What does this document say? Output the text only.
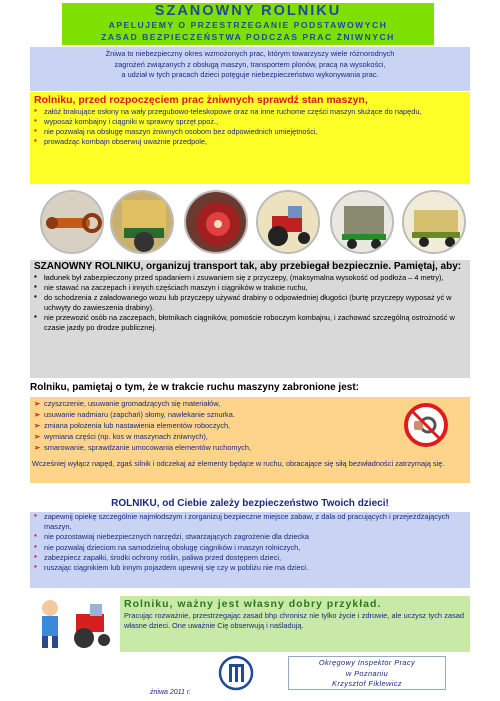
SZANOWNY ROLNIKU
APELUJEMY O PRZESTRZEGANIE PODSTAWOWYCH
ZASAD BEZPIECZEŃSTWA PODCZAS PRAC ŻNIWNYCH
Żniwa to niebezpieczny okres wzmożonych prac, którym towarzyszy wiele różnorodnych
zagrożeń związanych z obsługą maszyn, transportem plonów, pracą na wysokości,
a udział w tych pracach dzieci potęguje niebezpieczeństwo wykonywania prac.
Rolniku, przed rozpoczęciem prac żniwnych sprawdź stan maszyn,
* załóż brakujące osłony na wały przegubowo-teleskopowe oraz na inne ruchome części maszyn służące do napędu,
* wyposaż kombajny i ciągniki w sprawny sprzęt ppoż.,
* nie pozwalaj na obsługę maszyn żniwnych osobom bez odpowiednich umiejętności,
* prowadząc kombajn obserwuj uważnie przedpole,
SZANOWNY ROLNIKU, organizuj transport tak, aby przebiegał bezpiecznie. Pamiętaj, aby:
* ładunek był zabezpieczony przed spadaniem i zsuwaniem się z przyczepy, (maksymalna wysokość od podłoża – 4 metry),
* nie stawać na zaczepach i innych częściach maszyn i ciągników w trakcie ruchu,
* do schodzenia z załadowanego wozu lub przyczepy używać drabiny o odpowiedniej długości (burtę przyczepy wyposaż yć w uchwyty do zawieszenia drabiny).
* nie przewozić osób na zaczepach, błotnikach ciągników, pomoście roboczym kombajnu, i zachować szczególną ostrożność w czasie jazdy po drodze publicznej.
Rolniku, pamiętaj o tym, że w trakcie ruchu maszyny zabronione jest:
➢ czyszczenie, usuwanie gromadzących się materiałów,
➢ usuwanie nadmiaru (zapchań) słomy, nawlekanie sznurka.
➢ zmiana położenia lub nastawienia elementów roboczych,
➢ wymiana części (np. kos w maszynach żniwnych),
➢ smarowanie, sprawdzanie umocowania elementów ruchomych,
Wcześniej wyłącz napęd, zgaś silnik i odczekaj aż elementy będące w ruchu, obracające się siłą bezwładności zatrzymają się.
ROLNIKU, od Ciebie zależy bezpieczeństwo Twoich dzieci!
* zapewnij opiekę szczególnie najmłodszym i zorganizuj bezpieczne miejsce zabaw, z dala od pracujących i przejeżdżających maszyn,
* nie pozostawiaj niebezpiecznych narzędzi, stwarzających zagrożenie dla dziecka
* nie pozwalaj dzieciom na samodzielną obsługę ciągników i maszyn rolniczych,
* zabezpiecz zapałki, środki ochrony roślin, paliwa przed dostępem dzieci,
* ruszając ciągnikiem lub innym pojazdem upewnij się czy w pobliżu nie ma dzieci.
Rolniku, ważny jest własny dobry przykład.
Pracując rozważnie, przestrzegając zasad bhp chronisz nie tylko życie i zdrowie, ale uczysz tych zasad własne dzieci. One uważnie Cię obserwują i naśladują.
Okręgowy Inspektor Pracy
w Poznaniu
Krzysztof Fiklewicz
żniwa 2011 r.
